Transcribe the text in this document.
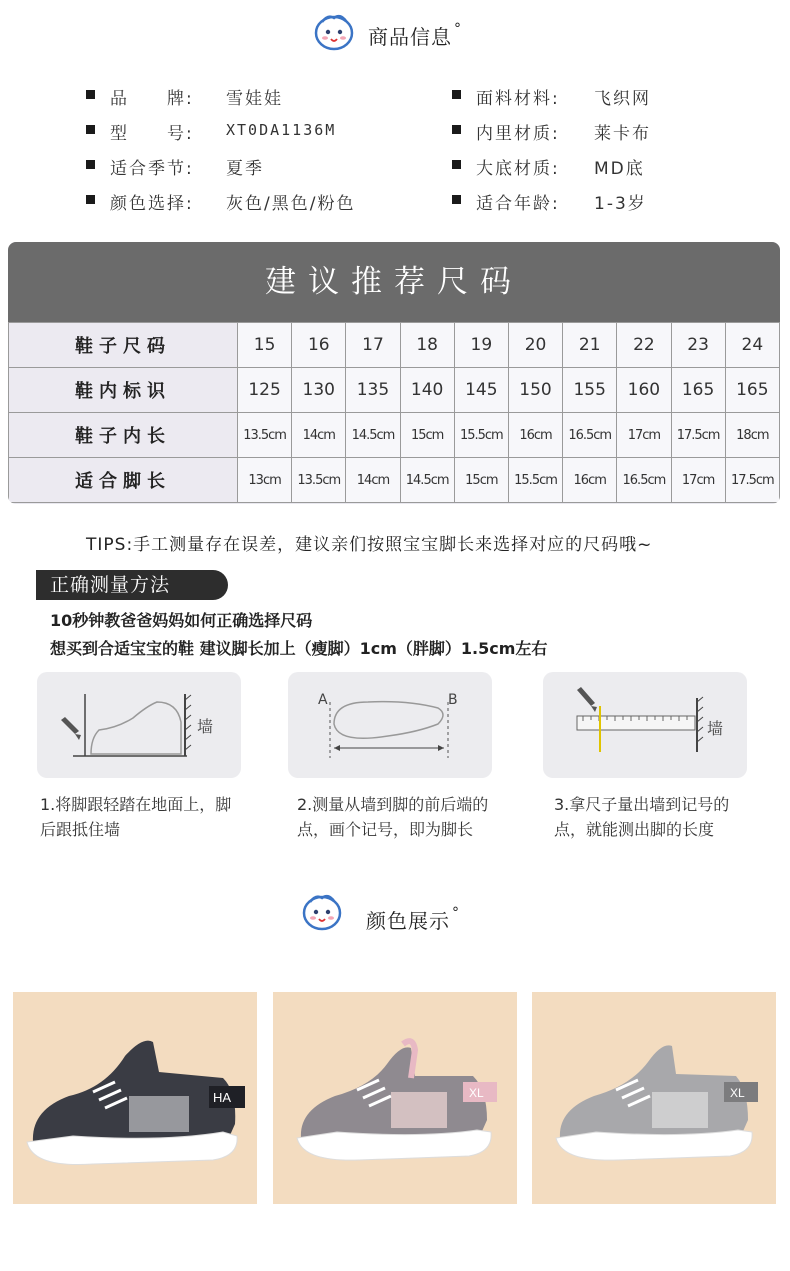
商品信息 °
品　　牌: 雪娃娃
型　　号: XT0DA1136M
适合季节: 夏季
颜色选择: 灰色/黑色/粉色
面料材料: 飞织网
内里材质: 莱卡布
大底材质: MD底
适合年龄: 1-3岁
建议推荐尺码
鞋子尺码	15	16	17	18	19	20	21	22	23	24
鞋内标识	125	130	135	140	145	150	155	160	165	165
鞋子内长	13.5cm	14cm	14.5cm	15cm	15.5cm	16cm	16.5cm	17cm	17.5cm	18cm
适合脚长	13cm	13.5cm	14cm	14.5cm	15cm	15.5cm	16cm	16.5cm	17cm	17.5cm
TIPS:手工测量存在误差，建议亲们按照宝宝脚长来选择对应的尺码哦~
正确测量方法
10秒钟教爸爸妈妈如何正确选择尺码
想买到合适宝宝的鞋 建议脚长加上（瘦脚）1cm（胖脚）1.5cm左右
墙
A	B
墙
1.将脚跟轻踏在地面上，脚后跟抵住墙
2.测量从墙到脚的前后端的点，画个记号，即为脚长
3.拿尺子量出墙到记号的点，就能测出脚的长度
颜色展示 °
HA	XL	XL
